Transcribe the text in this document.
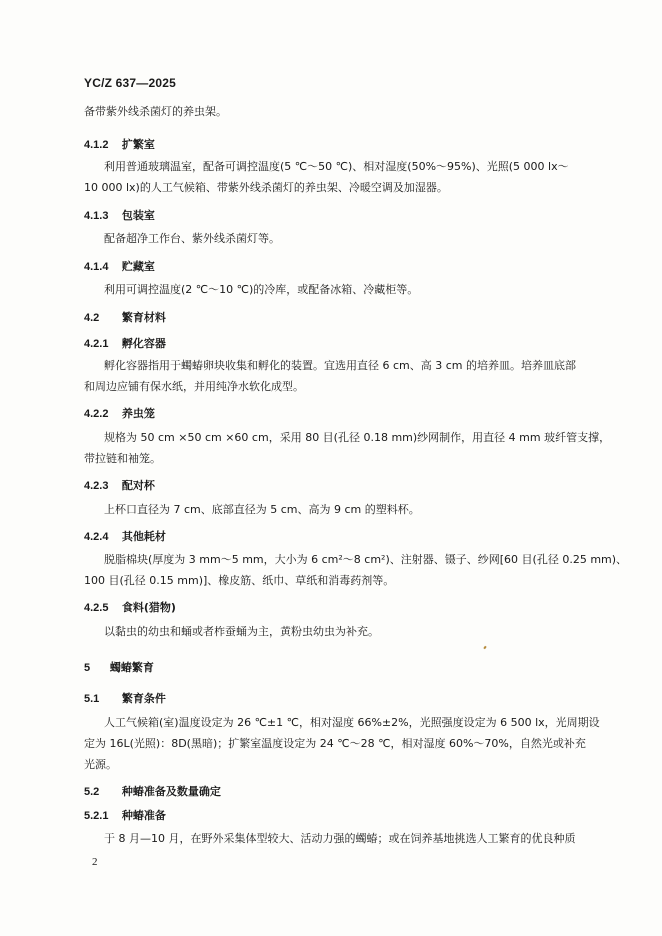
YC/Z 637—2025
备带紫外线杀菌灯的养虫架。
4.1.2 扩繁室
利用普通玻璃温室，配备可调控温度(5 ℃～50 ℃)、相对湿度(50%～95%)、光照(5 000 lx～
10 000 lx)的人工气候箱、带紫外线杀菌灯的养虫架、冷暖空调及加湿器。
4.1.3 包装室
配备超净工作台、紫外线杀菌灯等。
4.1.4 贮藏室
利用可调控温度(2 ℃～10 ℃)的冷库，或配备冰箱、冷藏柜等。
4.2 繁育材料
4.2.1 孵化容器
孵化容器指用于蠋蝽卵块收集和孵化的装置。宜选用直径 6 cm、高 3 cm 的培养皿。培养皿底部
和周边应铺有保水纸，并用纯净水软化成型。
4.2.2 养虫笼
规格为 50 cm ×50 cm ×60 cm，采用 80 目(孔径 0.18 mm)纱网制作，用直径 4 mm 玻纤管支撑，
带拉链和袖笼。
4.2.3 配对杯
上杯口直径为 7 cm、底部直径为 5 cm、高为 9 cm 的塑料杯。
4.2.4 其他耗材
脱脂棉块(厚度为 3 mm～5 mm，大小为 6 cm²～8 cm²)、注射器、镊子、纱网[60 目(孔径 0.25 mm)、
100 目(孔径 0.15 mm)]、橡皮筋、纸巾、草纸和消毒药剂等。
4.2.5 食料(猎物)
以黏虫的幼虫和蛹或者柞蚕蛹为主，黄粉虫幼虫为补充。
5 蠋蝽繁育
5.1 繁育条件
人工气候箱(室)温度设定为 26 ℃±1 ℃，相对湿度 66%±2%，光照强度设定为 6 500 lx，光周期设
定为 16L(光照)：8D(黑暗)；扩繁室温度设定为 24 ℃～28 ℃，相对湿度 60%～70%，自然光或补充
光源。
5.2 种蝽准备及数量确定
5.2.1 种蝽准备
于 8 月—10 月，在野外采集体型较大、活动力强的蠋蝽；或在饲养基地挑选人工繁育的优良种质
2
